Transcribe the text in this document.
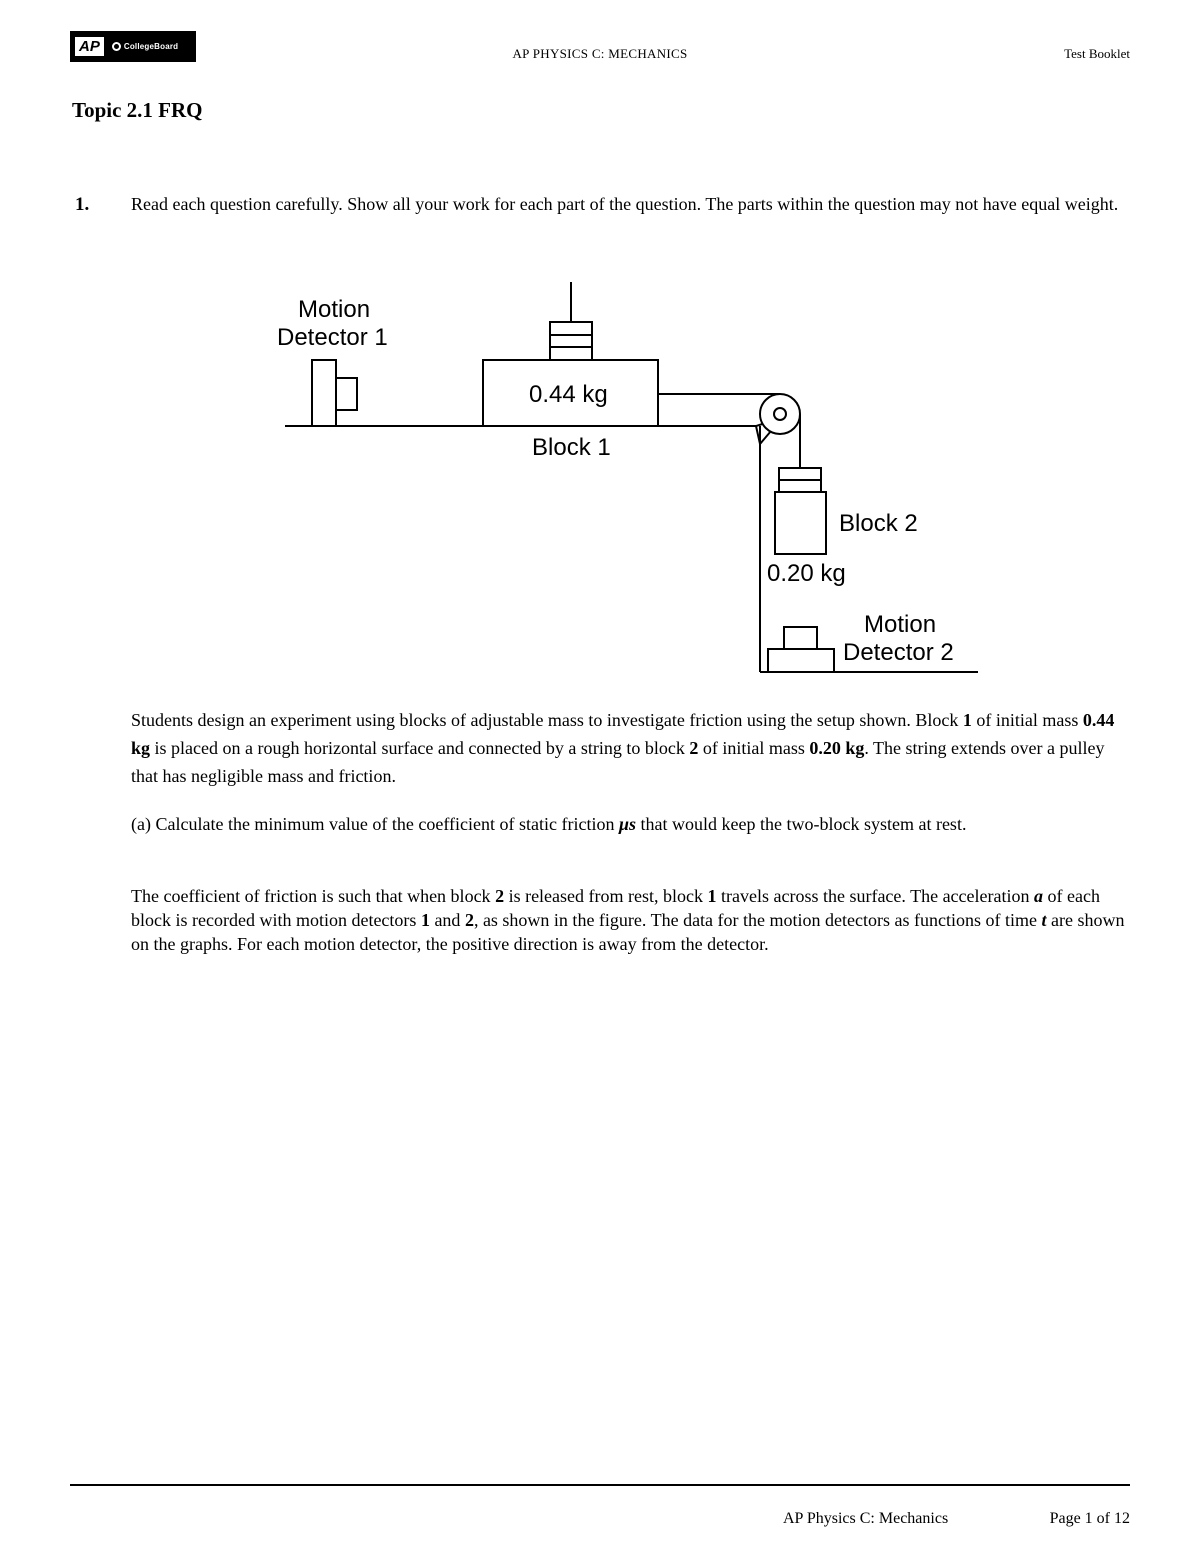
AP	CollegeBoard	AP PHYSICS C: MECHANICS	Test Booklet
Topic 2.1 FRQ
1. Read each question carefully. Show all your work for each part of the question. The parts within the question may not have equal weight.
Motion
Detector 1
0.44 kg
Block 1
Block 2
0.20 kg
Motion
Detector 2
Students design an experiment using blocks of adjustable mass to investigate friction using the setup shown. Block 1 of initial mass 0.44 kg is placed on a rough horizontal surface and connected by a string to block 2 of initial mass 0.20 kg. The string extends over a pulley that has negligible mass and friction.
(a) Calculate the minimum value of the coefficient of static friction μs that would keep the two-block system at rest.
The coefficient of friction is such that when block 2 is released from rest, block 1 travels across the surface. The acceleration a of each block is recorded with motion detectors 1 and 2, as shown in the figure. The data for the motion detectors as functions of time t are shown on the graphs. For each motion detector, the positive direction is away from the detector.
AP Physics C: Mechanics	Page 1 of 12
